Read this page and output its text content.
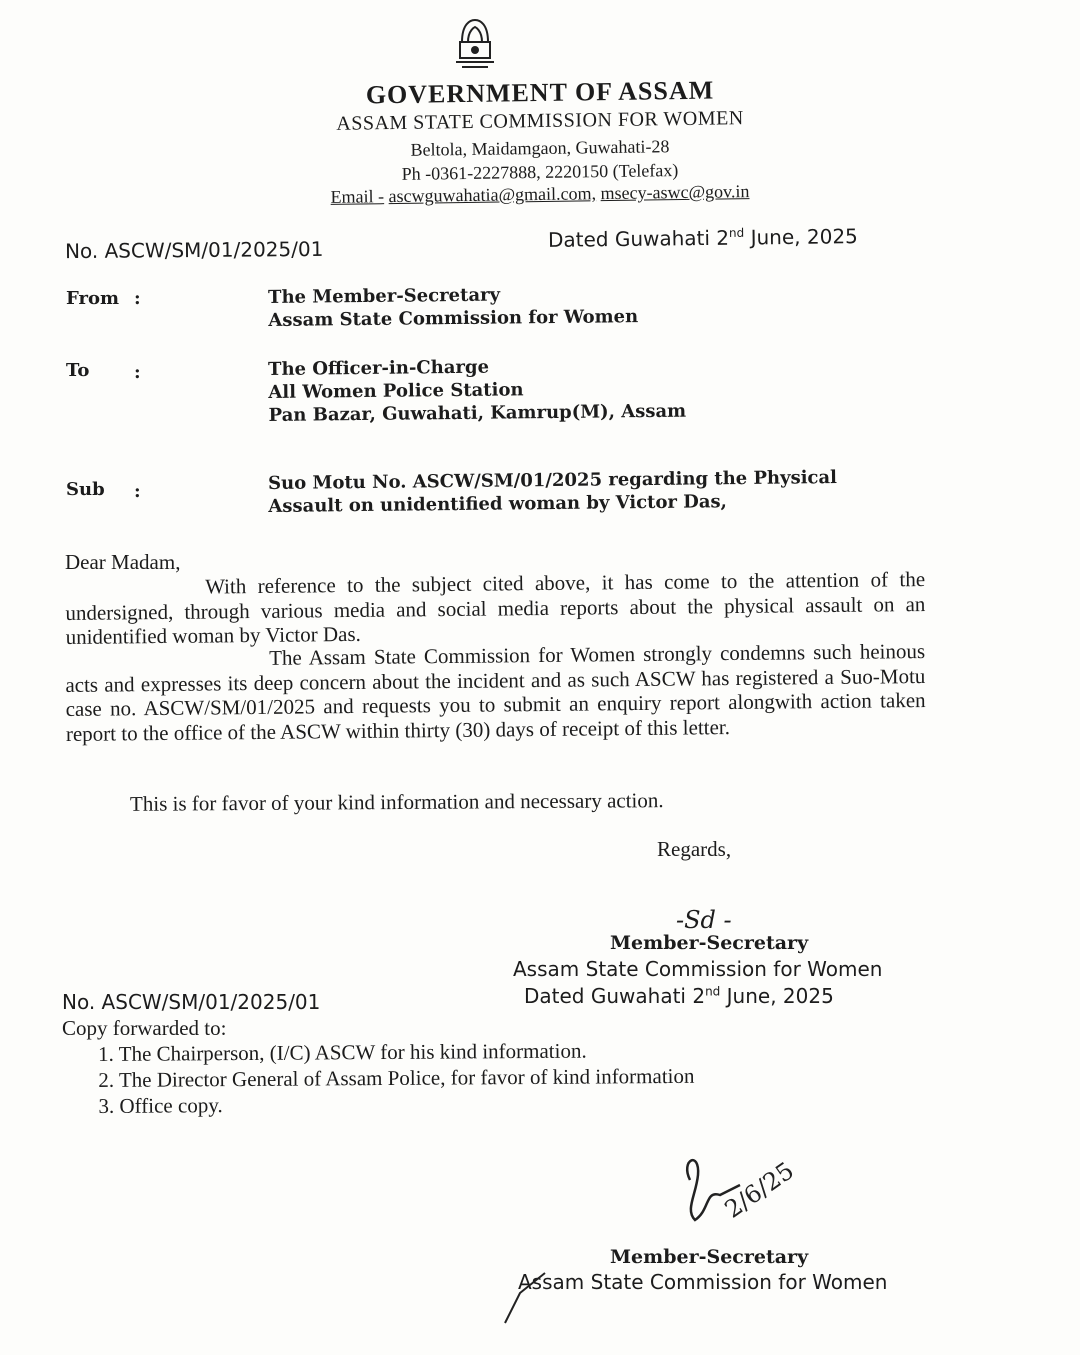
GOVERNMENT OF ASSAM
ASSAM STATE COMMISSION FOR WOMEN
Beltola, Maidamgaon, Guwahati-28
Ph -0361-2227888, 2220150 (Telefax)
Email - ascwguwahatia@gmail.com, msecy-aswc@gov.in
No. ASCW/SM/01/2025/01	Dated Guwahati 2nd June, 2025
From :	The Member-Secretary
Assam State Commission for Women
To :	The Officer-in-Charge
All Women Police Station
Pan Bazar, Guwahati, Kamrup(M), Assam
Sub :	Suo Motu No. ASCW/SM/01/2025 regarding the Physical
Assault on unidentified woman by Victor Das,
Dear Madam,
With reference to the subject cited above, it has come to the attention of the undersigned, through various media and social media reports about the physical assault on an unidentified woman by Victor Das.
The Assam State Commission for Women strongly condemns such heinous acts and expresses its deep concern about the incident and as such ASCW has registered a Suo-Motu case no. ASCW/SM/01/2025 and requests you to submit an enquiry report alongwith action taken report to the office of the ASCW within thirty (30) days of receipt of this letter.
This is for favor of your kind information and necessary action.
Regards,
-Sd -
Member-Secretary
Assam State Commission for Women
Dated Guwahati 2nd June, 2025
No. ASCW/SM/01/2025/01
Copy forwarded to:
1. The Chairperson, (I/C) ASCW for his kind information.
2. The Director General of Assam Police, for favor of kind information
3. Office copy.
2/6/25
Member-Secretary
Assam State Commission for Women
